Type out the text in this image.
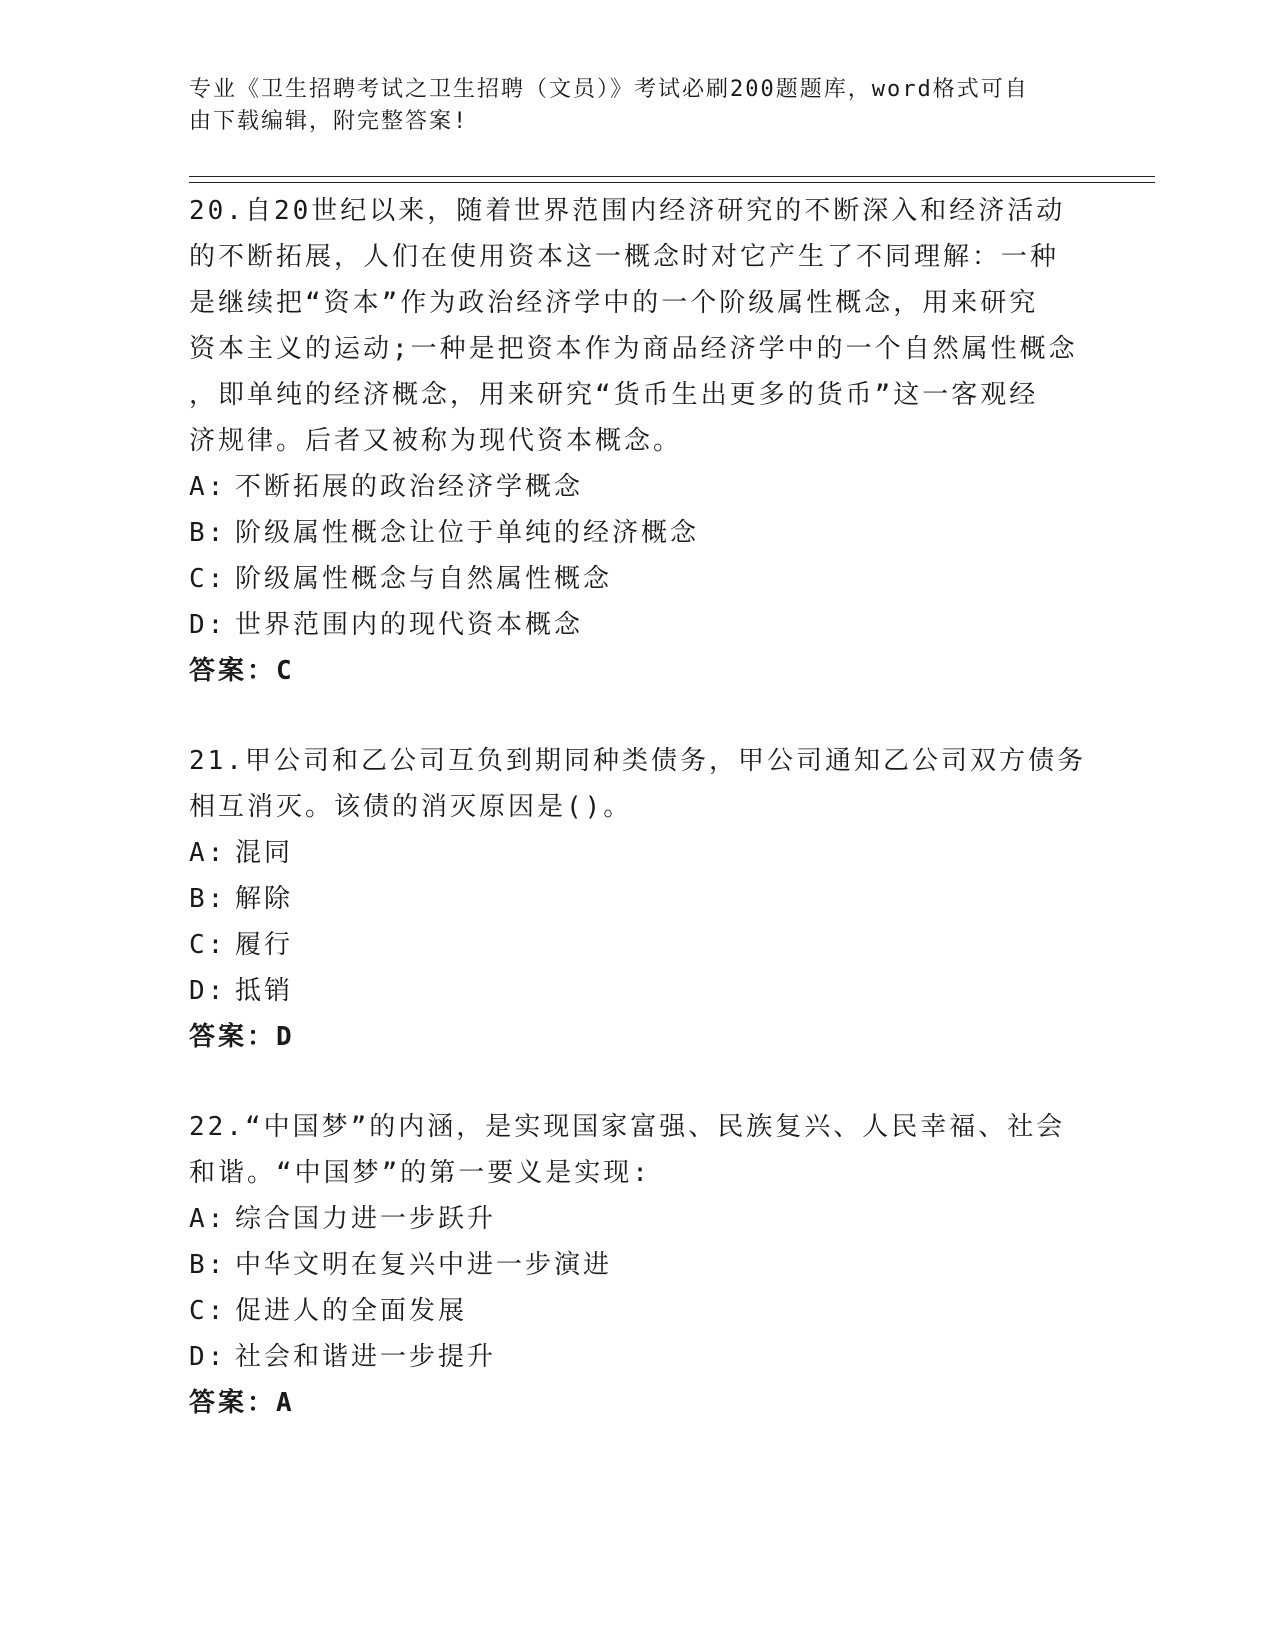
专业《卫生招聘考试之卫生招聘（文员）》考试必刷200题题库，word格式可自
由下载编辑，附完整答案!

20.自20世纪以来，随着世界范围内经济研究的不断深入和经济活动

的不断拓展，人们在使用资本这一概念时对它产生了不同理解：一种

是继续把“资本”作为政治经济学中的一个阶级属性概念，用来研究

资本主义的运动;一种是把资本作为商品经济学中的一个自然属性概念

，即单纯的经济概念，用来研究“货币生出更多的货币”这一客观经

济规律。后者又被称为现代资本概念。

A: 不断拓展的政治经济学概念

B: 阶级属性概念让位于单纯的经济概念

C: 阶级属性概念与自然属性概念

D: 世界范围内的现代资本概念

答案：C

21.甲公司和乙公司互负到期同种类债务，甲公司通知乙公司双方债务

相互消灭。该债的消灭原因是()。

A: 混同

B: 解除

C: 履行

D: 抵销

答案：D

22.“中国梦”的内涵，是实现国家富强、民族复兴、人民幸福、社会

和谐。“中国梦”的第一要义是实现:

A: 综合国力进一步跃升

B: 中华文明在复兴中进一步演进

C: 促进人的全面发展

D: 社会和谐进一步提升

答案：A
